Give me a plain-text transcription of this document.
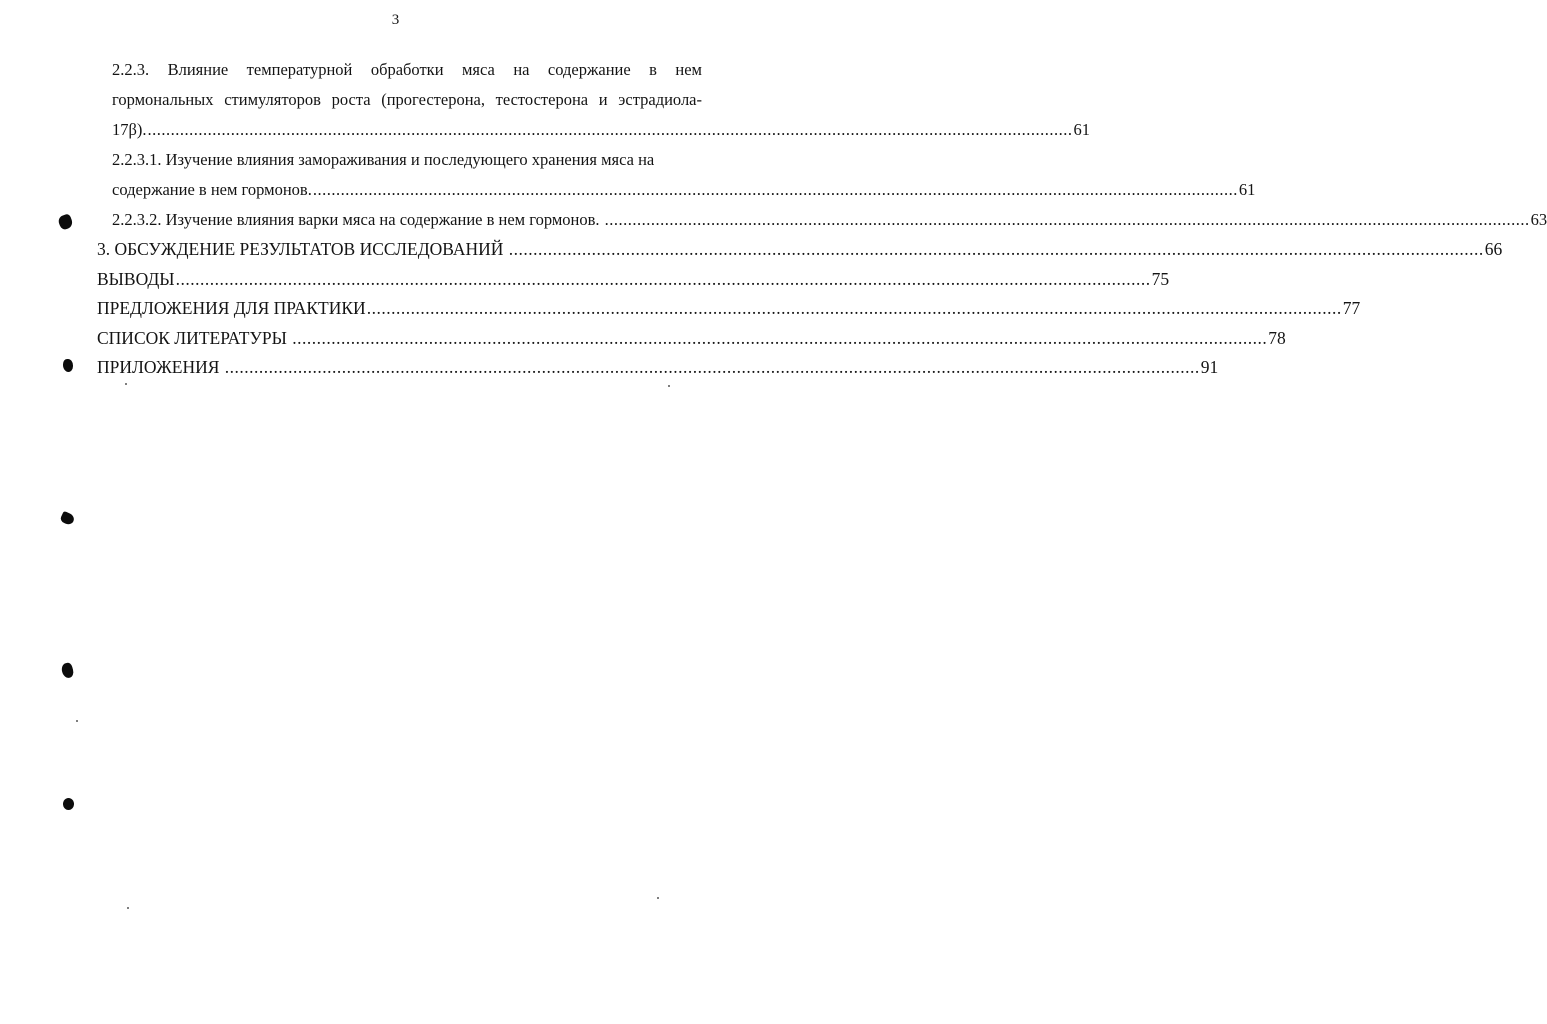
3
2.2.3. Влияние температурной обработки мяса на содержание в нем
гормональных стимуляторов роста (прогестерона, тестостерона и эстрадиола-
17β). ........................................................................................................................................................................................................ 61
2.2.3.1. Изучение влияния замораживания и последующего хранения мяса на
содержание в нем гормонов. ........................................................................................................................................................................................................ 61
2.2.3.2. Изучение влияния варки мяса на содержание в нем гормонов. ........................................................................................................................................................................................................ 63
3. ОБСУЖДЕНИЕ РЕЗУЛЬТАТОВ ИССЛЕДОВАНИЙ ........................................................................................................................................................................................................ 66
ВЫВОДЫ ........................................................................................................................................................................................................ 75
ПРЕДЛОЖЕНИЯ ДЛЯ ПРАКТИКИ ........................................................................................................................................................................................................ 77
СПИСОК ЛИТЕРАТУРЫ ........................................................................................................................................................................................................ 78
ПРИЛОЖЕНИЯ ........................................................................................................................................................................................................ 91
